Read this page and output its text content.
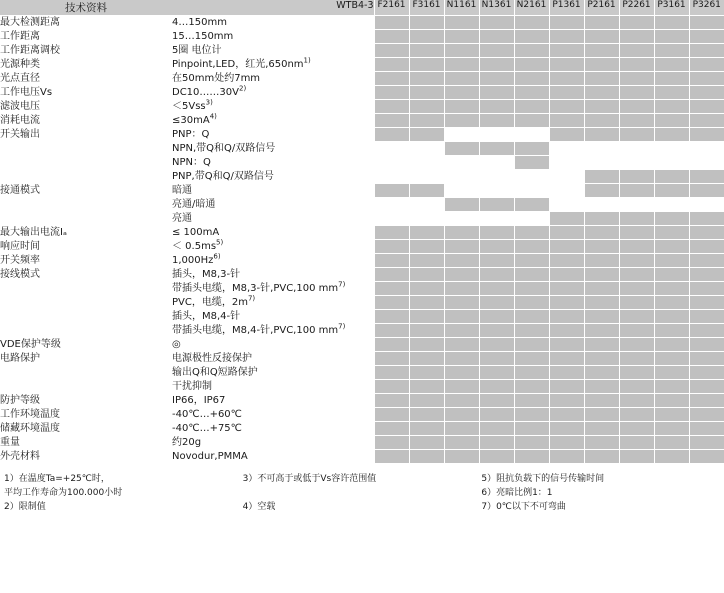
技术资料	WTB4-3	F2161	F3161	N1161	N1361	N2161	P1361	P2161	P2261	P3161	P3261
最大检测距离	4…150mm										
工作距离	15…150mm										
工作距离调校	5圈 电位计										
光源种类	Pinpoint,LED，红光$,650nm^{1)}$										
光点直径	在50mm处约7mm										
工作电压Vs	$DC10\dots\dots 30V^{2)}$										
滤波电压	＜5Vss$^{3)}$										
消耗电流	$\le 30mA^{4)}$										
开关输出	PNP：Q										
	NPN,带Q和Q/双路信号										
	NPN：Q										
	PNP,带Q和Q/双路信号										
接通模式	暗通										
	亮通/暗通										
	亮通										
最大输出电流Iₐ	≤ 100mA										
响应时间	＜ $0.5ms^{5)}$										
开关频率	1,000Hz$^{6)}$										
接线模式	插头，M8,3-针										
	带插头电缆，M8,3-针,PVC,100 $mm^{7)}$										
	PVC，电缆，$2m^{7)}$										
	插头，M8,4-针										
	带插头电缆，M8,4-针,PVC,100 $mm^{7)}$										
VDE保护等级	◎										
电路保护	电源极性反接保护										
	输出Q和Q短路保护										
	干扰抑制										
防护等级	IP66，IP67										
工作环境温度	-40℃…+60℃										
储藏环境温度	-40℃…+75℃										
重量	约20g										
外壳材料	Novodur,PMMA										
1）在温度Ta=+25℃时，
平均工作寿命为100.000小时
2）限制值
3）不可高于或低于Vs容许范围值

4）空载
5）阻抗负载下的信号传输时间
6）亮暗比例1：1
7）0℃以下不可弯曲
